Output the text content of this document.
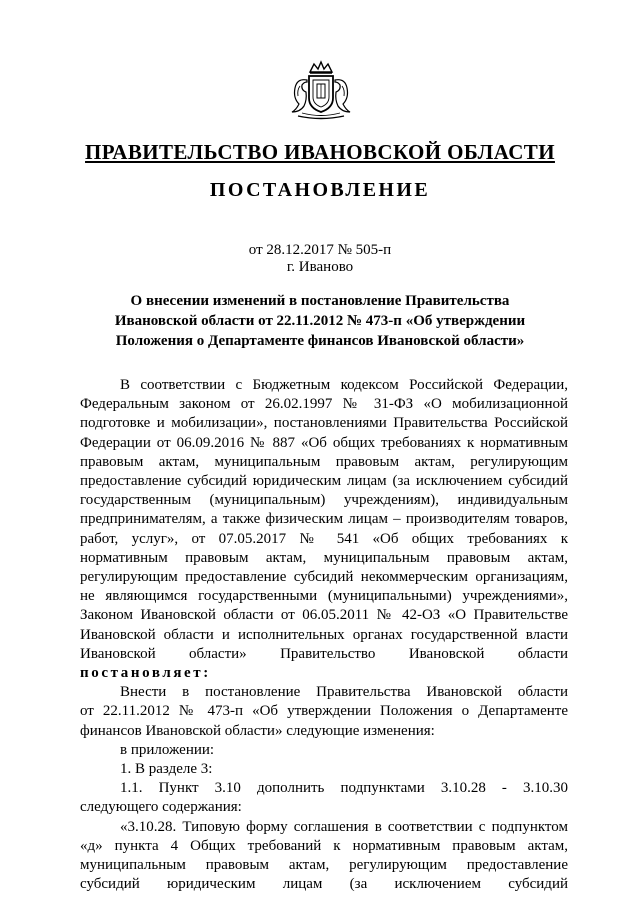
ПРАВИТЕЛЬСТВО ИВАНОВСКОЙ ОБЛАСТИ
ПОСТАНОВЛЕНИЕ
от 28.12.2017 № 505-п
г. Иваново
О внесении изменений в постановление Правительства
Ивановской области от 22.11.2012 № 473-п «Об утверждении
Положения о Департаменте финансов Ивановской области»
В соответствии с Бюджетным кодексом Российской Федерации,
Федеральным законом от 26.02.1997 № 31-ФЗ «О мобилизационной
подготовке и мобилизации», постановлениями Правительства Российской
Федерации от 06.09.2016 № 887 «Об общих требованиях к нормативным
правовым актам, муниципальным правовым актам, регулирующим
предоставление субсидий юридическим лицам (за исключением субсидий
государственным (муниципальным) учреждениям), индивидуальным
предпринимателям, а также физическим лицам – производителям товаров,
работ, услуг», от 07.05.2017 № 541 «Об общих требованиях к
нормативным правовым актам, муниципальным правовым актам,
регулирующим предоставление субсидий некоммерческим организациям,
не являющимся государственными (муниципальными) учреждениями»,
Законом Ивановской области от 06.05.2011 № 42-ОЗ «О Правительстве
Ивановской области и исполнительных органах государственной власти
Ивановской области» Правительство Ивановской области
постановляет:
Внести в постановление Правительства Ивановской области
от 22.11.2012 № 473-п «Об утверждении Положения о Департаменте
финансов Ивановской области» следующие изменения:
в приложении:
1. В разделе 3:
1.1. Пункт 3.10 дополнить подпунктами 3.10.28 - 3.10.30
следующего содержания:
«3.10.28. Типовую форму соглашения в соответствии с подпунктом
«д» пункта 4 Общих требований к нормативным правовым актам,
муниципальным правовым актам, регулирующим предоставление
субсидий юридическим лицам (за исключением субсидий
